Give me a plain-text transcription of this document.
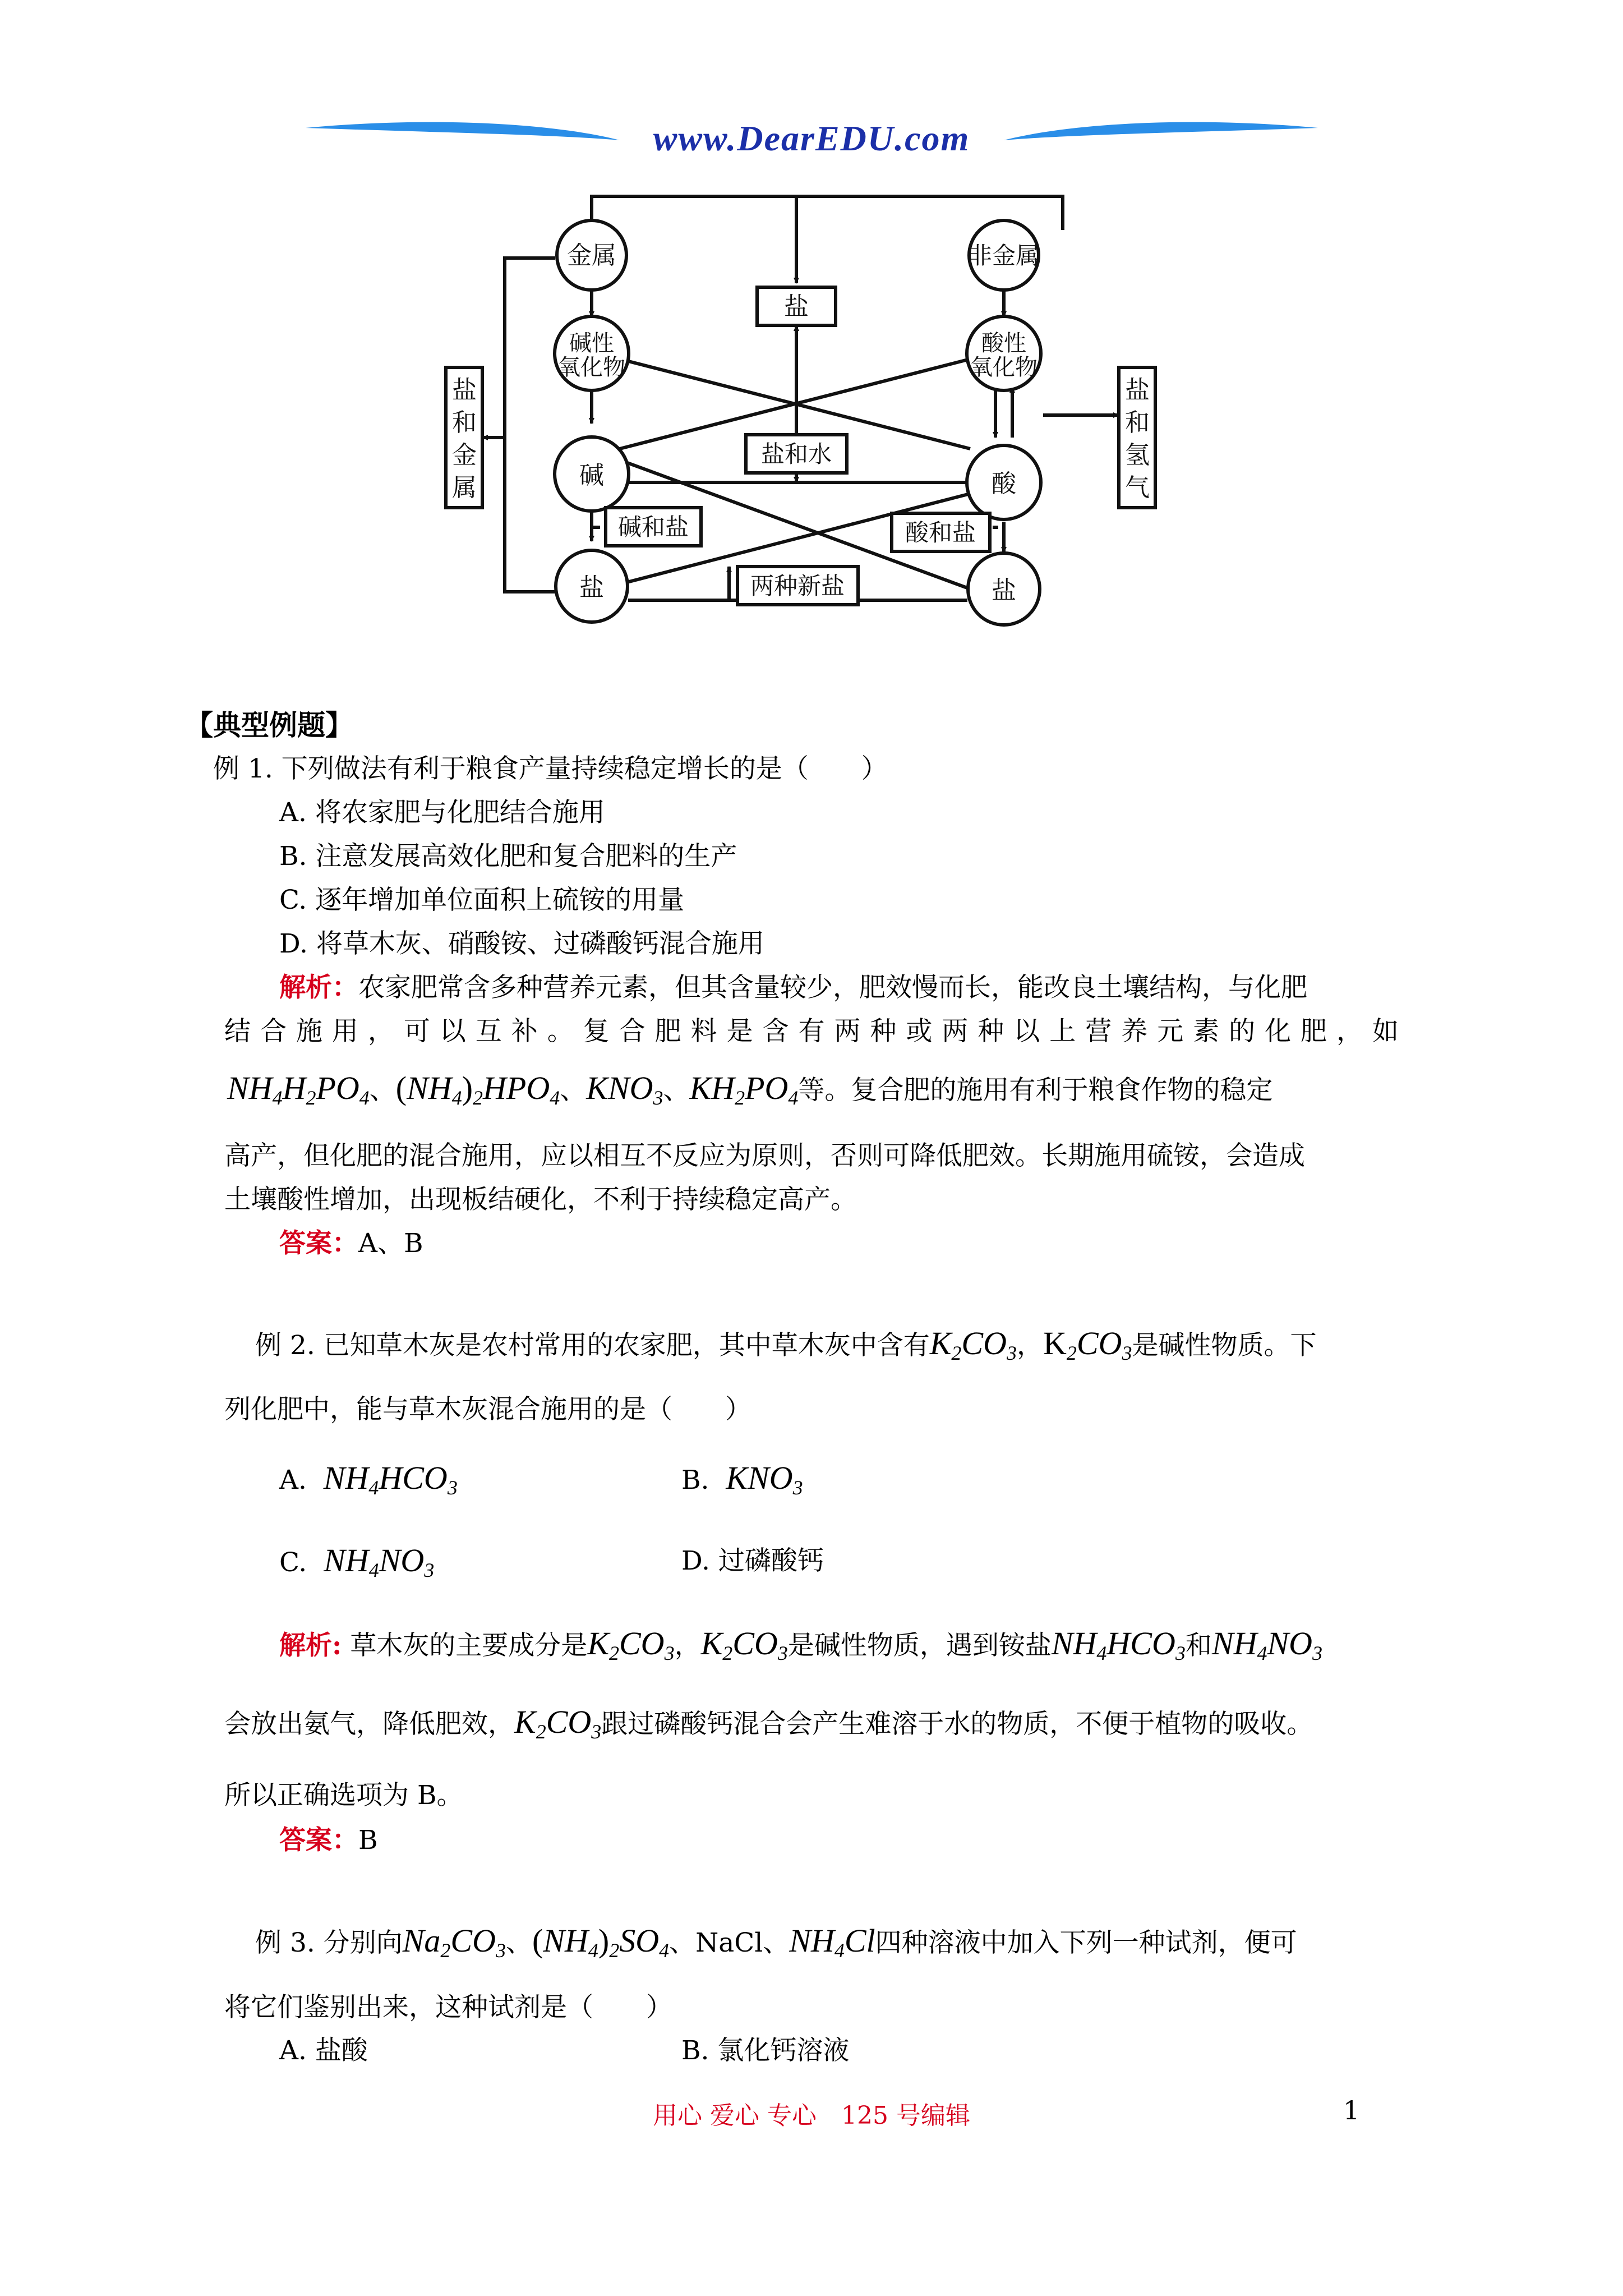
www.DearEDU.com
金属	非金属
碱性
氧化物
酸性
氧化物
碱	酸
盐	盐
盐
盐和水
碱和盐	酸和盐
两种新盐
盐
和
金
属
盐
和
氢
气
【典型例题】
例 1. 下列做法有利于粮食产量持续稳定增长的是（　　）
A. 将农家肥与化肥结合施用
B. 注意发展高效化肥和复合肥料的生产
C. 逐年增加单位面积上硫铵的用量
D. 将草木灰、硝酸铵、过磷酸钙混合施用
解析：农家肥常含多种营养元素，但其含量较少，肥效慢而长，能改良土壤结构，与化肥
结合施用，可以互补。复合肥料是含有两种或两种以上营养元素的化肥，如
$NH_4H_2PO_4$、$(NH_4)_2HPO_4$、$KNO_3$、$KH_2PO_4$等。复合肥的施用有利于粮食作物的稳定
高产，但化肥的混合施用，应以相互不反应为原则，否则可降低肥效。长期施用硫铵，会造成
土壤酸性增加，出现板结硬化，不利于持续稳定高产。
答案：A、B
例 2. 已知草木灰是农村常用的农家肥，其中草木灰中含有$K_2CO_3$，$K_2CO_3$是碱性物质。下
列化肥中，能与草木灰混合施用的是（　　）
A. $NH_4HCO_3$	B. $KNO_3$
C. $NH_4NO_3$	D. 过磷酸钙
解析: 草木灰的主要成分是$K_2CO_3$，$K_2CO_3$是碱性物质，遇到铵盐$NH_4HCO_3$和$NH_4NO_3$
会放出氨气，降低肥效，$K_2CO_3$跟过磷酸钙混合会产生难溶于水的物质，不便于植物的吸收。
所以正确选项为 B。
答案：B
例 3. 分别向$Na_2CO_3$、$(NH_4)_2SO_4$、NaCl、$NH_4Cl$四种溶液中加入下列一种试剂，便可
将它们鉴别出来，这种试剂是（　　）
A. 盐酸	B. 氯化钙溶液
用心 爱心 专心　125 号编辑	1
